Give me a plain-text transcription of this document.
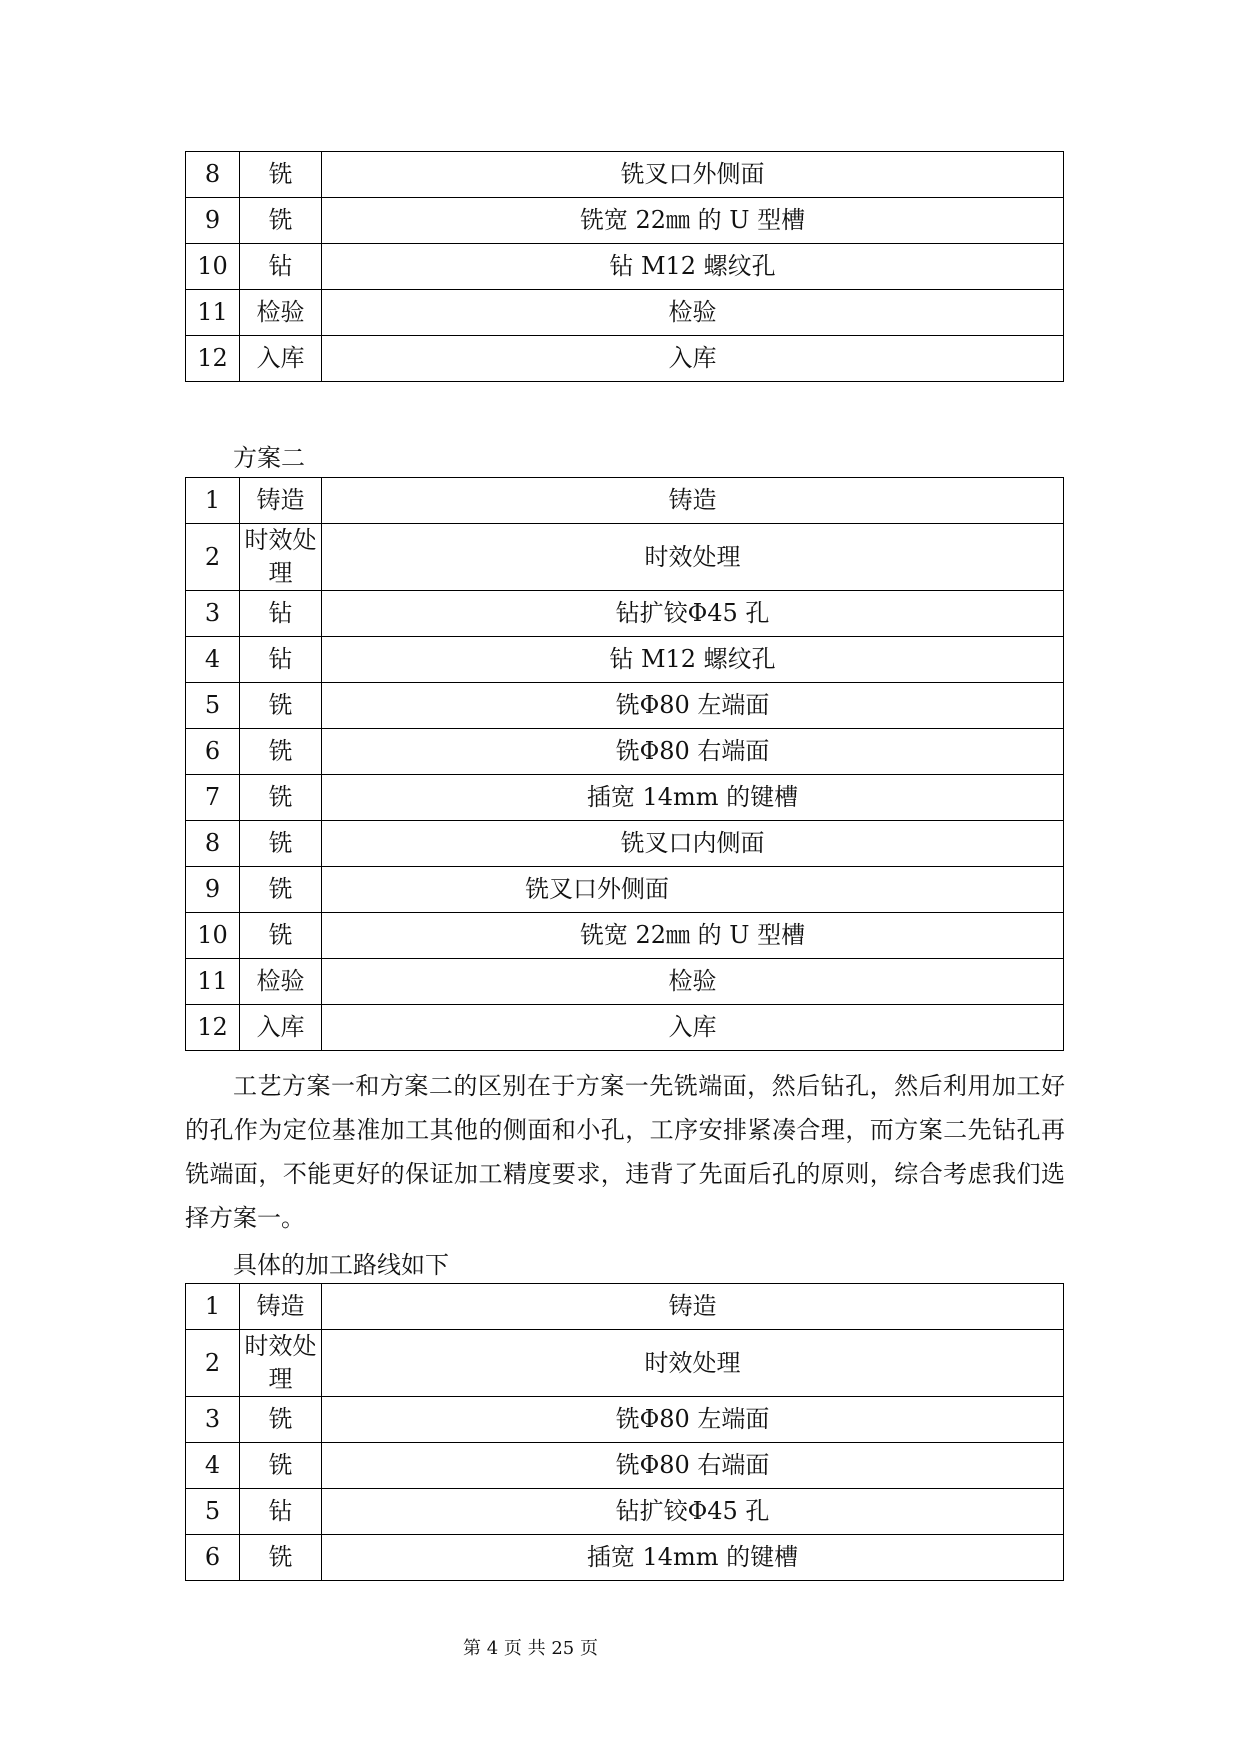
8	铣	铣叉口外侧面
9	铣	铣宽 22㎜ 的 U 型槽
10	钻	钻 M12 螺纹孔
11	检验	检验
12	入库	入库
方案二
1	铸造	铸造
2	时效处理	时效处理
3	钻	钻扩铰Φ45 孔
4	钻	钻 M12 螺纹孔
5	铣	铣Φ80 左端面
6	铣	铣Φ80 右端面
7	铣	插宽 14mm 的键槽
8	铣	铣叉口内侧面
9	铣	铣叉口外侧面
10	铣	铣宽 22㎜ 的 U 型槽
11	检验	检验
12	入库	入库
工艺方案一和方案二的区别在于方案一先铣端面，然后钻孔，然后利用加工好的孔作为定位基准加工其他的侧面和小孔，工序安排紧凑合理，而方案二先钻孔再铣端面，不能更好的保证加工精度要求，违背了先面后孔的原则，综合考虑我们选择方案一。
具体的加工路线如下
1	铸造	铸造
2	时效处理	时效处理
3	铣	铣Φ80 左端面
4	铣	铣Φ80 右端面
5	钻	钻扩铰Φ45 孔
6	铣	插宽 14mm 的键槽
第 4 页 共 25 页
